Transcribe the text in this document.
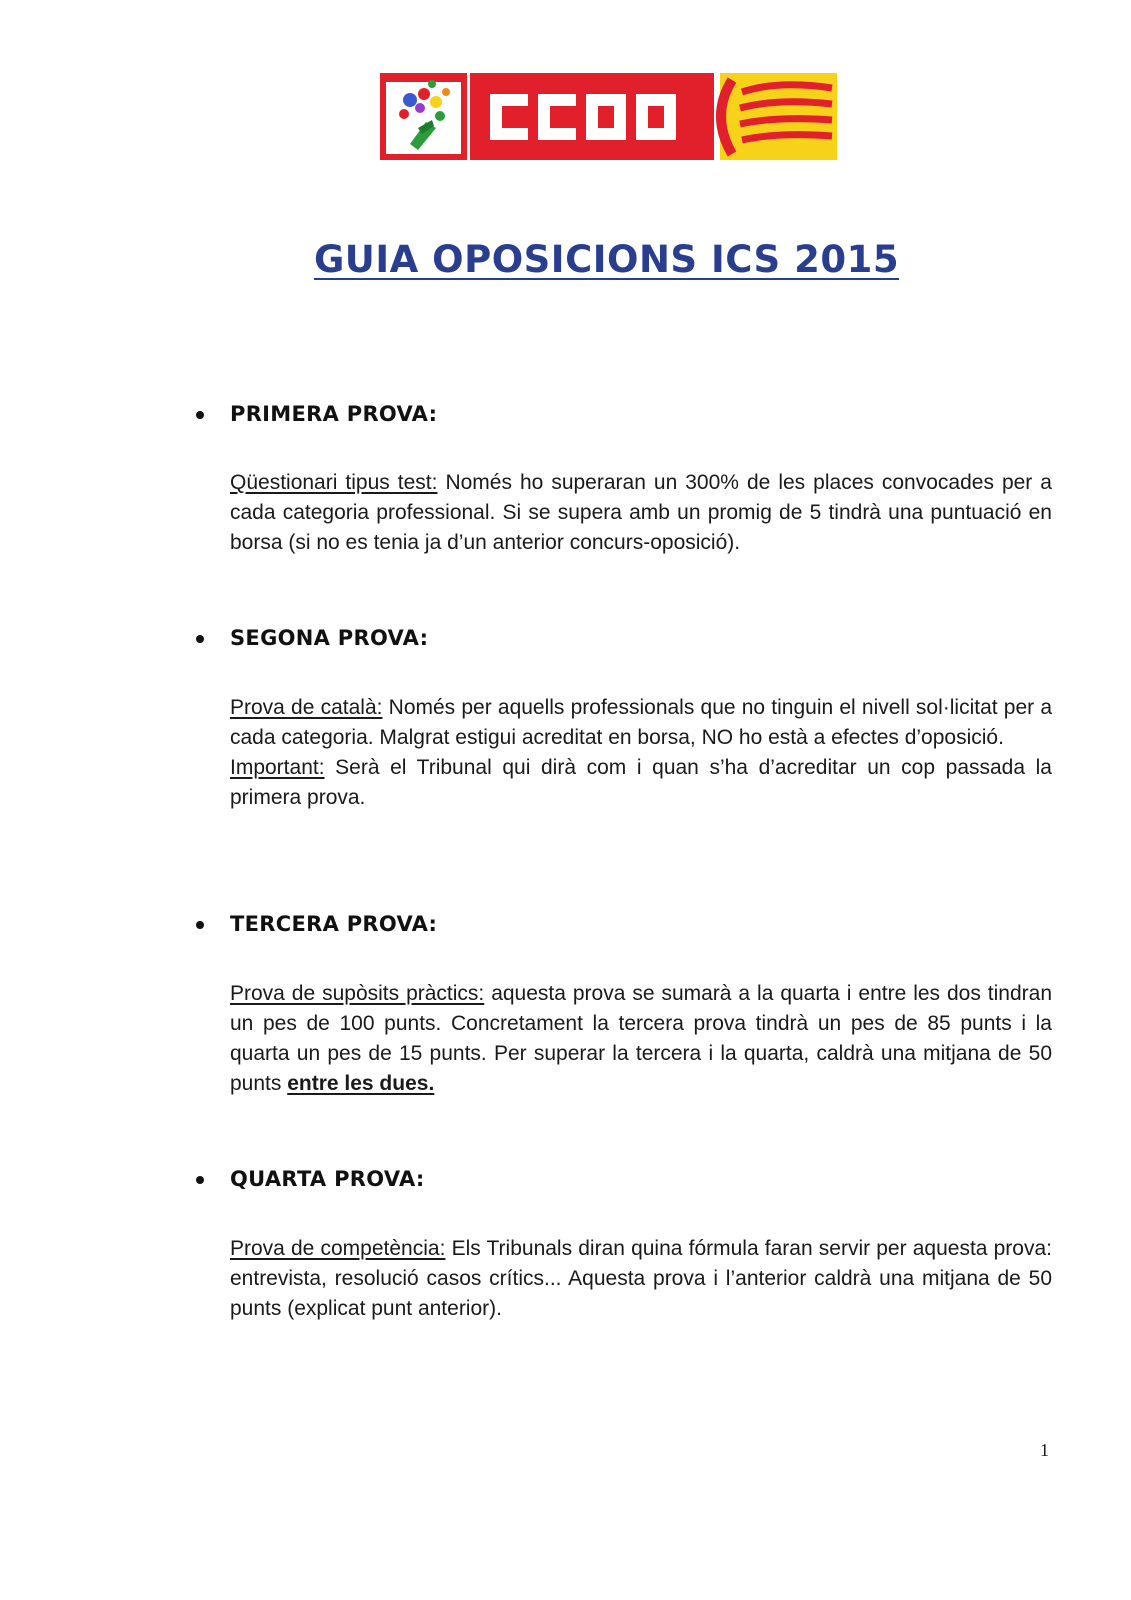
GUIA OPOSICIONS ICS 2015
PRIMERA PROVA:

Qüestionari tipus test: Només ho superaran un 300% de les places convocades per a cada categoria professional. Si se supera amb un promig de 5 tindrà una puntuació en borsa (si no es tenia ja d’un anterior concurs-oposició).

SEGONA PROVA:

Prova de català: Només per aquells professionals que no tinguin el nivell sol·licitat per a cada categoria. Malgrat estigui acreditat en borsa, NO ho està a efectes d’oposició.

Important: Serà el Tribunal qui dirà com i quan s’ha d’acreditar un cop passada la primera prova.

TERCERA PROVA:

Prova de supòsits pràctics: aquesta prova se sumarà a la quarta i entre les dos tindran un pes de 100 punts. Concretament la tercera prova tindrà un pes de 85 punts i la quarta un pes de 15 punts. Per superar la tercera i la quarta, caldrà una mitjana de 50 punts entre les dues.

QUARTA PROVA:

Prova de competència: Els Tribunals diran quina fórmula faran servir per aquesta prova: entrevista, resolució casos crítics... Aquesta prova i l’anterior caldrà una mitjana de 50 punts (explicat punt anterior).

1
